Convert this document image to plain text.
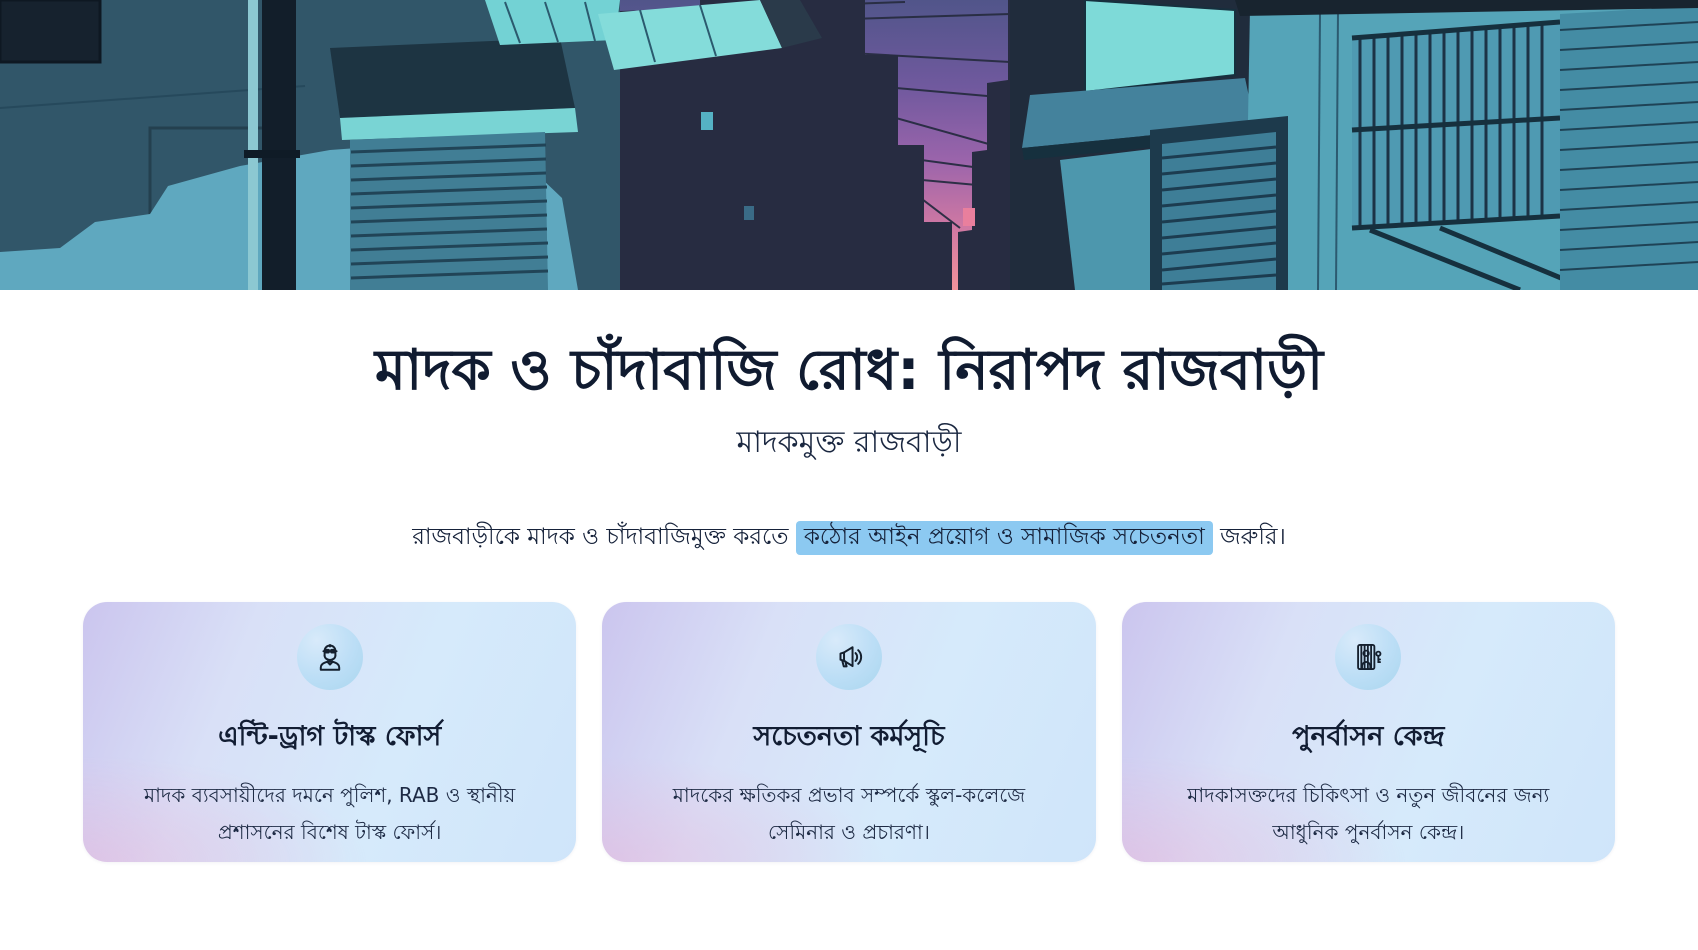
মাদক ও চাঁদাবাজি রোধ: নিরাপদ রাজবাড়ী
মাদকমুক্ত রাজবাড়ী

রাজবাড়ীকে মাদক ও চাঁদাবাজিমুক্ত করতে কঠোর আইন প্রয়োগ ও সামাজিক সচেতনতা জরুরি।

এন্টি-ড্রাগ টাস্ক ফোর্স

মাদক ব্যবসায়ীদের দমনে পুলিশ, RAB ও স্থানীয় প্রশাসনের বিশেষ টাস্ক ফোর্স।

সচেতনতা কর্মসূচি

মাদকের ক্ষতিকর প্রভাব সম্পর্কে স্কুল-কলেজে সেমিনার ও প্রচারণা।

পুনর্বাসন কেন্দ্র

মাদকাসক্তদের চিকিৎসা ও নতুন জীবনের জন্য আধুনিক পুনর্বাসন কেন্দ্র।
